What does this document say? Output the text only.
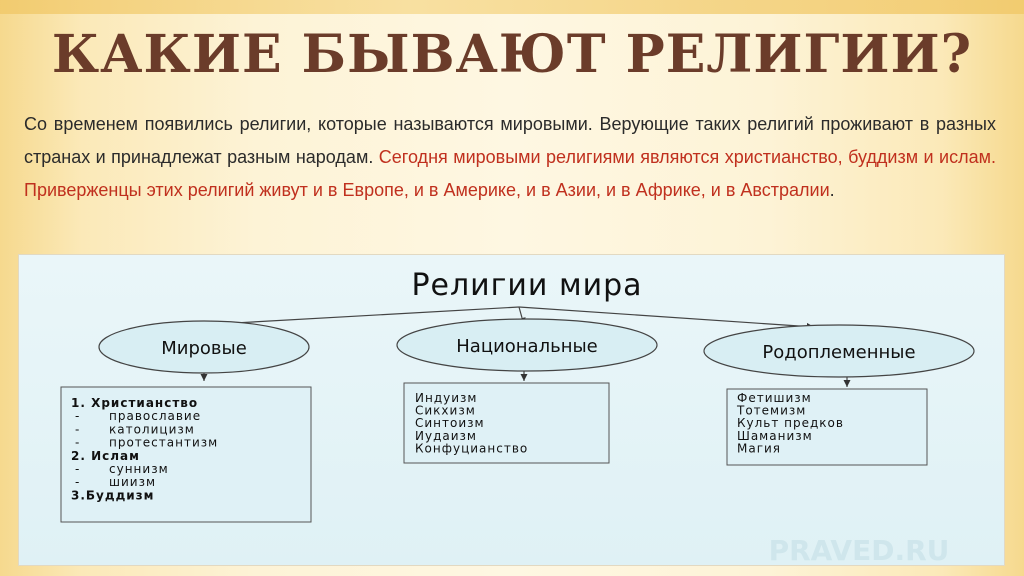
КАКИЕ БЫВАЮТ РЕЛИГИИ?

Со временем появились религии, которые называются мировыми. Верующие таких религий проживают в разных странах и принадлежат разным народам. Сегодня мировыми религиями являются христианство, буддизм и ислам. Приверженцы этих религий живут и в Европе, и в Америке, и в Азии, и в Африке, и в Австралии.

Религии мира
Мировые	Национальные	Родоплеменные
1. Христианство
- православие
- католицизм
- протестантизм
2. Ислам
- суннизм
- шиизм
3.Буддизм
Индуизм
Сикхизм
Синтоизм
Иудаизм
Конфуцианство
Фетишизм
Тотемизм
Культ предков
Шаманизм
Магия
PRAVED.RU
